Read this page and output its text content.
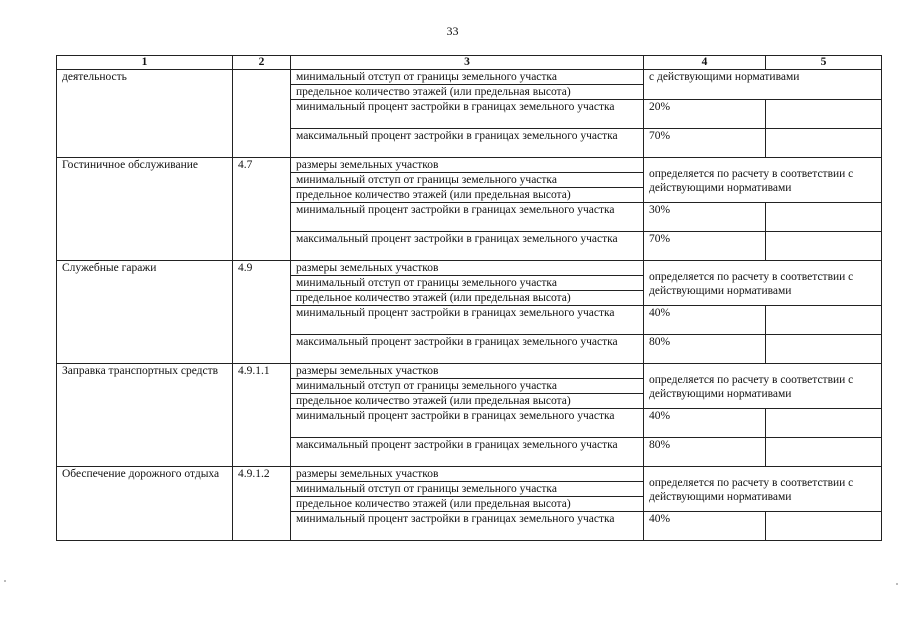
33
1	2	3	4	5
деятельность		минимальный отступ от границы земельного участка	с действующими нормативами	
		предельное количество этажей (или предельная высота)		
		минимальный процент застройки в границах земельного участка	20%	
		максимальный процент застройки в границах земельного участка	70%	
Гостиничное обслуживание	4.7	размеры земельных участков	определяется по расчету в соответствии с действующими нормативами	

		минимальный отступ от границы земельного участка		
		предельное количество этажей (или предельная высота)		
		минимальный процент застройки в границах земельного участка	30%	
		максимальный процент застройки в границах земельного участка	70%	
Служебные гаражи	4.9	размеры земельных участков	определяется по расчету в соответствии с действующими нормативами	

		минимальный отступ от границы земельного участка		
		предельное количество этажей (или предельная высота)		
		минимальный процент застройки в границах земельного участка	40%	
		максимальный процент застройки в границах земельного участка	80%	
Заправка транспортных средств	4.9.1.1	размеры земельных участков	определяется по расчету в соответствии с действующими нормативами	

		минимальный отступ от границы земельного участка		
		предельное количество этажей (или предельная высота)		
		минимальный процент застройки в границах земельного участка	40%	
		максимальный процент застройки в границах земельного участка	80%	
Обеспечение дорожного отдыха	4.9.1.2	размеры земельных участков	определяется по расчету в соответствии с действующими нормативами	

		минимальный отступ от границы земельного участка		
		предельное количество этажей (или предельная высота)		
		минимальный процент застройки в границах земельного участка	40%	
